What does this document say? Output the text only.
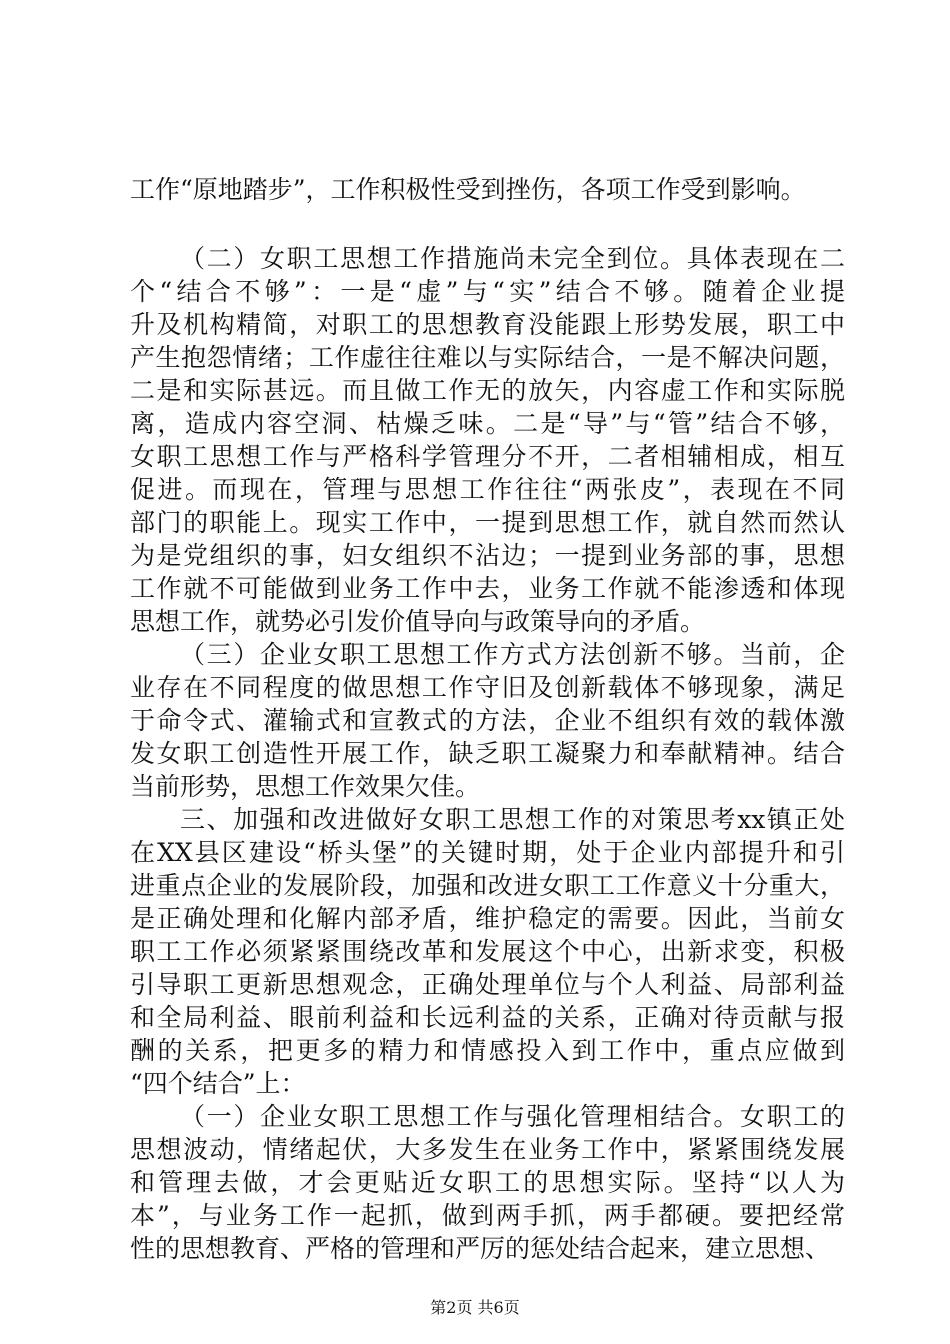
工作“原地踏步”，工作积极性受到挫伤，各项工作受到影响。
（二）女职工思想工作措施尚未完全到位。具体表现在二
个“结合不够”：一是“虚”与“实”结合不够。随着企业提
升及机构精简，对职工的思想教育没能跟上形势发展，职工中
产生抱怨情绪；工作虚往往难以与实际结合，一是不解决问题，
二是和实际甚远。而且做工作无的放矢，内容虚工作和实际脱
离，造成内容空洞、枯燥乏味。二是“导”与“管”结合不够，
女职工思想工作与严格科学管理分不开，二者相辅相成，相互
促进。而现在，管理与思想工作往往“两张皮”，表现在不同
部门的职能上。现实工作中，一提到思想工作，就自然而然认
为是党组织的事，妇女组织不沾边；一提到业务部的事，思想
工作就不可能做到业务工作中去，业务工作就不能渗透和体现
思想工作，就势必引发价值导向与政策导向的矛盾。
（三）企业女职工思想工作方式方法创新不够。当前，企
业存在不同程度的做思想工作守旧及创新载体不够现象，满足
于命令式、灌输式和宣教式的方法，企业不组织有效的载体激
发女职工创造性开展工作，缺乏职工凝聚力和奉献精神。结合
当前形势，思想工作效果欠佳。
三、加强和改进做好女职工思想工作的对策思考xx镇正处
在XX县区建设“桥头堡”的关键时期，处于企业内部提升和引
进重点企业的发展阶段，加强和改进女职工工作意义十分重大，
是正确处理和化解内部矛盾，维护稳定的需要。因此，当前女
职工工作必须紧紧围绕改革和发展这个中心，出新求变，积极
引导职工更新思想观念，正确处理单位与个人利益、局部利益
和全局利益、眼前利益和长远利益的关系，正确对待贡献与报
酬的关系，把更多的精力和情感投入到工作中，重点应做到
“四个结合”上：
（一）企业女职工思想工作与强化管理相结合。女职工的
思想波动，情绪起伏，大多发生在业务工作中，紧紧围绕发展
和管理去做，才会更贴近女职工的思想实际。坚持“以人为
本”，与业务工作一起抓，做到两手抓，两手都硬。要把经常
性的思想教育、严格的管理和严厉的惩处结合起来，建立思想、
第2页 共6页
